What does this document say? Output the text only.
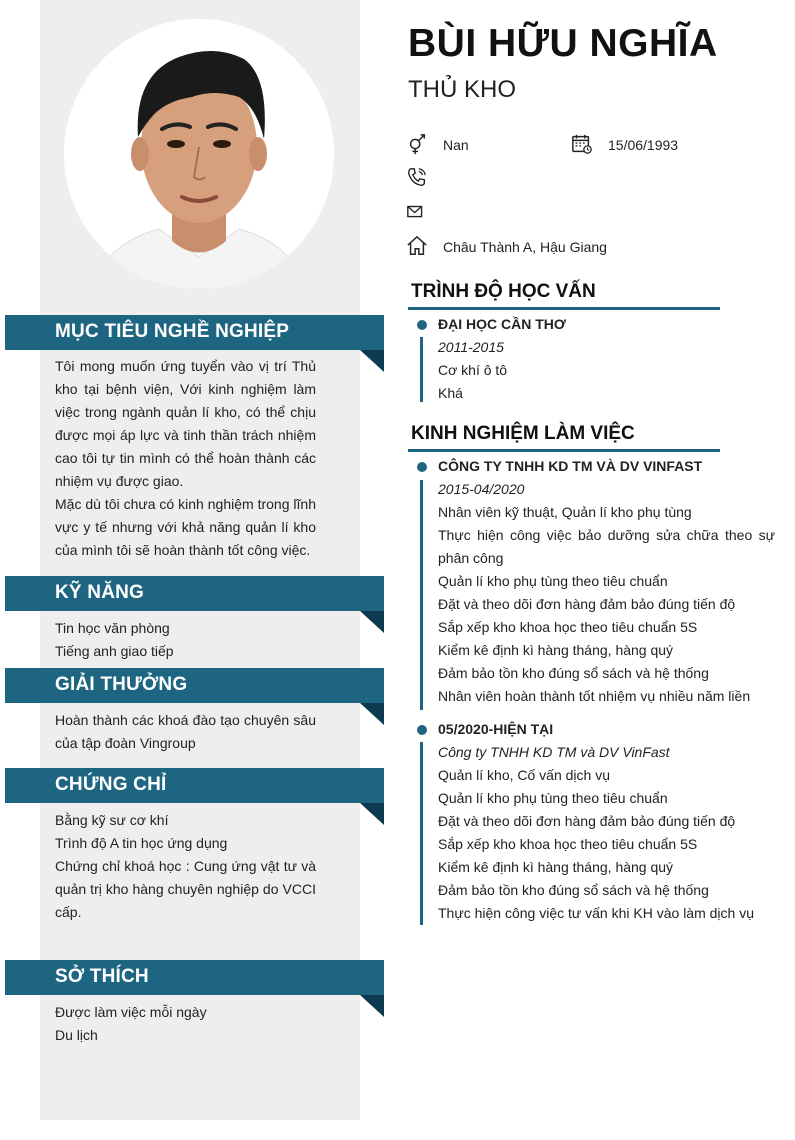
MỤC TIÊU NGHỀ NGHIỆP

Tôi mong muốn ứng tuyển vào vị trí Thủ kho tại bệnh viện, Với kinh nghiệm làm việc trong ngành quản lí kho, có thể chịu được mọi áp lực và tinh thần trách nhiệm cao tôi tự tin mình có thể hoàn thành các nhiệm vụ được giao.

Mặc dù tôi chưa có kinh nghiệm trong lĩnh vực y tế nhưng với khả năng quản lí kho của mình tôi sẽ hoàn thành tốt công việc.

KỸ NĂNG

Tin học văn phòng

Tiếng anh giao tiếp

GIẢI THƯỞNG

Hoàn thành các khoá đào tạo chuyên sâu của tập đoàn Vingroup

CHỨNG CHỈ

Bằng kỹ sư cơ khí

Trình độ A tin học ứng dụng

Chứng chỉ khoá học : Cung ứng vật tư và quản trị kho hàng chuyên nghiệp do VCCI cấp.

SỞ THÍCH

Được làm việc mỗi ngày

Du lịch

BÙI HỮU NGHĨA
THỦ KHO
Nan	15/06/1993
Châu Thành A, Hậu Giang
TRÌNH ĐỘ HỌC VẤN
ĐẠI HỌC CẦN THƠ
2011-2015
Cơ khí ô tô
Khá
KINH NGHIỆM LÀM VIỆC
CÔNG TY TNHH KD TM VÀ DV VINFAST
2015-04/2020
Nhân viên kỹ thuật, Quản lí kho phụ tùng
Thực hiện công việc bảo dưỡng sửa chữa theo sự phân công
Quản lí kho phụ tùng theo tiêu chuẩn
Đặt và theo dõi đơn hàng đảm bảo đúng tiến độ
Sắp xếp kho khoa học theo tiêu chuẩn 5S
Kiểm kê định kì hàng tháng, hàng quý
Đảm bảo tồn kho đúng sổ sách và hệ thống
Nhân viên hoàn thành tốt nhiệm vụ nhiều năm liền
05/2020-HIỆN TẠI
Công ty TNHH KD TM và DV VinFast
Quản lí kho, Cố vấn dịch vụ
Quản lí kho phụ tùng theo tiêu chuẩn
Đặt và theo dõi đơn hàng đảm bảo đúng tiến độ
Sắp xếp kho khoa học theo tiêu chuẩn 5S
Kiểm kê định kì hàng tháng, hàng quý
Đảm bảo tồn kho đúng sổ sách và hệ thống
Thực hiện công việc tư vấn khi KH vào làm dịch vụ
